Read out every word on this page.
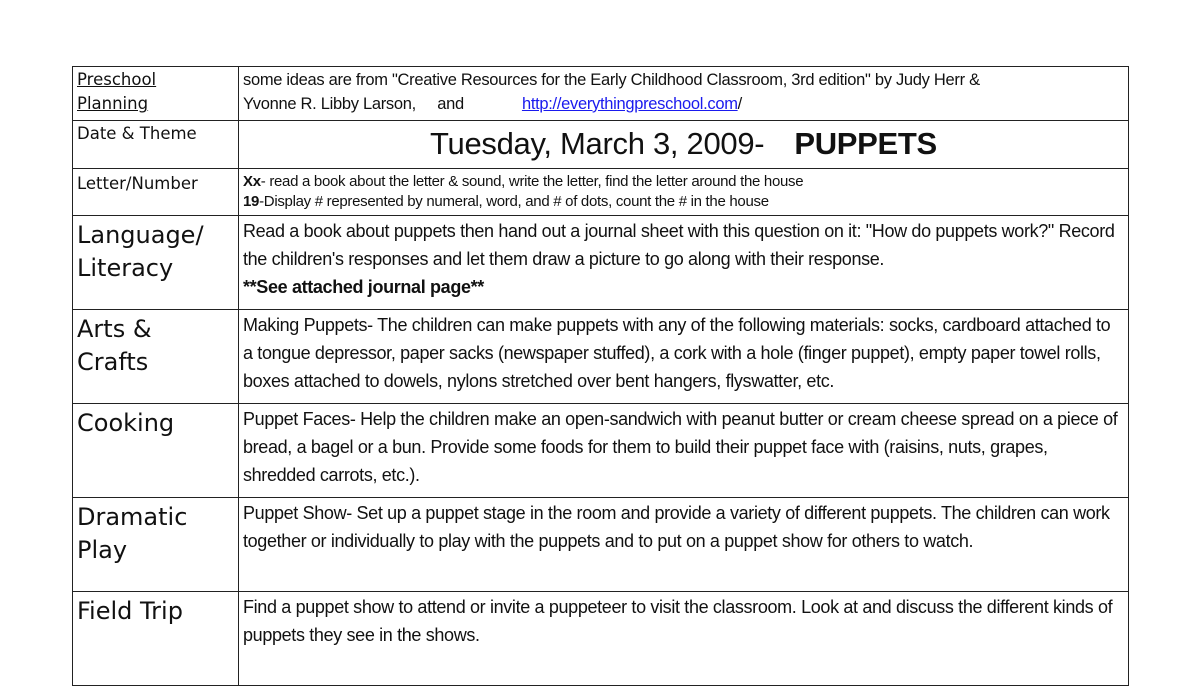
Preschool
Planning	some ideas are from "Creative Resources for the Early Childhood Classroom, 3rd edition" by Judy Herr &
Yvonne R. Libby Larson,     and http://everythingpreschool.com/
Date & Theme	Tuesday, March 3, 2009- PUPPETS
Letter/Number	Xx- read a book about the letter & sound, write the letter, find the letter around the house
19-Display # represented by numeral, word, and # of dots, count the # in the house
Language/
Literacy	Read a book about puppets then hand out a journal sheet with this question on it: "How do puppets work?" Record the children's responses and let them draw a picture to go along with their response.
**See attached journal page**
Arts &
Crafts	Making Puppets- The children can make puppets with any of the following materials: socks, cardboard attached to a tongue depressor, paper sacks (newspaper stuffed), a cork with a hole (finger puppet), empty paper towel rolls, boxes attached to dowels, nylons stretched over bent hangers, flyswatter, etc.
Cooking	Puppet Faces- Help the children make an open-sandwich with peanut butter or cream cheese spread on a piece of bread, a bagel or a bun. Provide some foods for them to build their puppet face with (raisins, nuts, grapes, shredded carrots, etc.).
Dramatic
Play	Puppet Show- Set up a puppet stage in the room and provide a variety of different puppets. The children can work together or individually to play with the puppets and to put on a puppet show for others to watch.
Field Trip	Find a puppet show to attend or invite a puppeteer to visit the classroom. Look at and discuss the different kinds of puppets they see in the shows.
